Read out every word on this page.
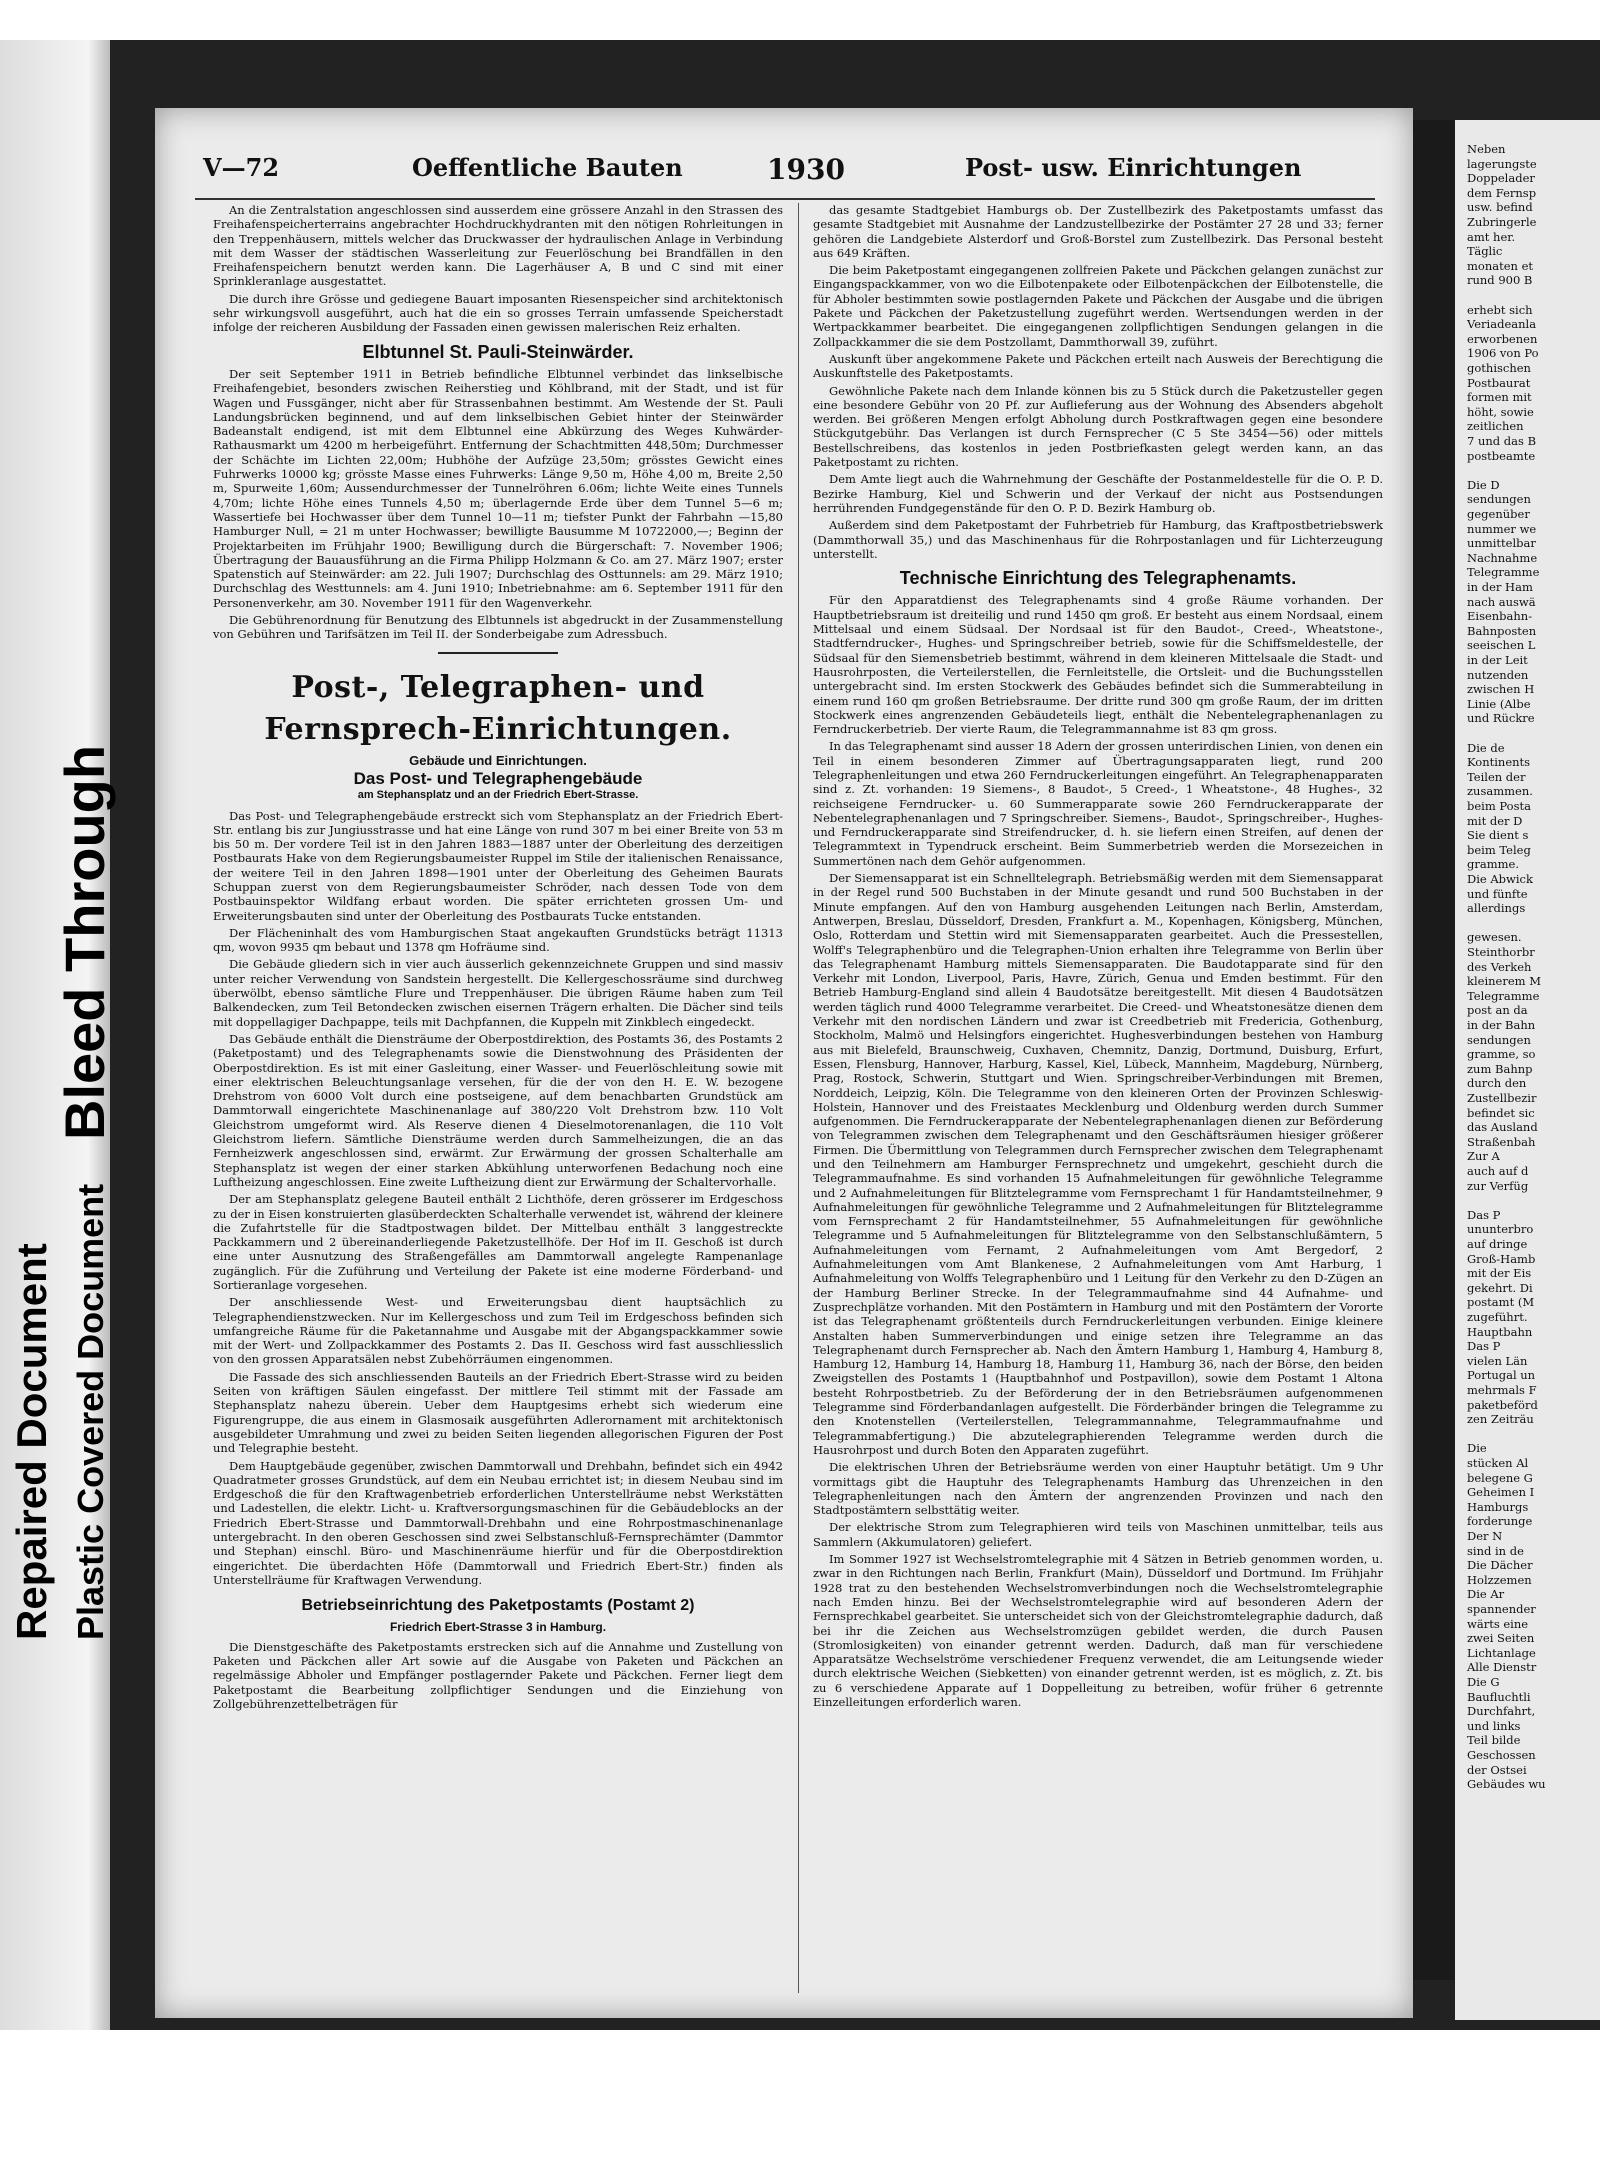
Bleed Through
Repaired Document Plastic Covered Document
V—72	Oeffentliche Bauten	1930	Post- usw. Einrichtungen

An die Zentralstation angeschlossen sind ausserdem eine grössere Anzahl in den Strassen des Freihafenspeicherterrains angebrachter Hochdruckhydranten mit den nötigen Rohrleitungen in den Treppenhäusern, mittels welcher das Druckwasser der hydraulischen Anlage in Verbindung mit dem Wasser der städtischen Wasserleitung zur Feuerlöschung bei Brandfällen in den Freihafenspeichern benutzt werden kann. Die Lagerhäuser A, B und C sind mit einer Sprinkleranlage ausgestattet.

Die durch ihre Grösse und gediegene Bauart imposanten Riesenspeicher sind architektonisch sehr wirkungsvoll ausgeführt, auch hat die ein so grosses Terrain umfassende Speicherstadt infolge der reicheren Ausbildung der Fassaden einen gewissen malerischen Reiz erhalten.

Elbtunnel St. Pauli-Steinwärder.

Der seit September 1911 in Betrieb befindliche Elbtunnel verbindet das linkselbische Freihafengebiet, besonders zwischen Reiherstieg und Köhlbrand, mit der Stadt, und ist für Wagen und Fussgänger, nicht aber für Strassenbahnen bestimmt. Am Westende der St. Pauli Landungsbrücken beginnend, und auf dem linkselbischen Gebiet hinter der Steinwärder Badeanstalt endigend, ist mit dem Elbtunnel eine Abkürzung des Weges Kuhwärder-Rathausmarkt um 4200 m herbeigeführt. Entfernung der Schachtmitten 448,50m; Durchmesser der Schächte im Lichten 22,00m; Hubhöhe der Aufzüge 23,50m; grösstes Gewicht eines Fuhrwerks 10000 kg; grösste Masse eines Fuhrwerks: Länge 9,50 m, Höhe 4,00 m, Breite 2,50 m, Spurweite 1,60m; Aussendurchmesser der Tunnelröhren 6.06m; lichte Weite eines Tunnels 4,70m; lichte Höhe eines Tunnels 4,50 m; überlagernde Erde über dem Tunnel 5—6 m; Wassertiefe bei Hochwasser über dem Tunnel 10—11 m; tiefster Punkt der Fahrbahn —15,80 Hamburger Null, = 21 m unter Hochwasser; bewilligte Bausumme M 10722000,—; Beginn der Projektarbeiten im Frühjahr 1900; Bewilligung durch die Bürgerschaft: 7. November 1906; Übertragung der Bauausführung an die Firma Philipp Holzmann & Co. am 27. März 1907; erster Spatenstich auf Steinwärder: am 22. Juli 1907; Durchschlag des Osttunnels: am 29. März 1910; Durchschlag des Westtunnels: am 4. Juni 1910; Inbetriebnahme: am 6. September 1911 für den Personenverkehr, am 30. November 1911 für den Wagenverkehr.

Die Gebührenordnung für Benutzung des Elbtunnels ist abgedruckt in der Zusammenstellung von Gebühren und Tarifsätzen im Teil II. der Sonderbeigabe zum Adressbuch.

Post-, Telegraphen- und
Fernsprech-Einrichtungen.
Gebäude und Einrichtungen.
Das Post- und Telegraphengebäude
am Stephansplatz und an der Friedrich Ebert-Strasse.

Das Post- und Telegraphengebäude erstreckt sich vom Stephansplatz an der Friedrich Ebert-Str. entlang bis zur Jungiusstrasse und hat eine Länge von rund 307 m bei einer Breite von 53 m bis 50 m. Der vordere Teil ist in den Jahren 1883—1887 unter der Oberleitung des derzeitigen Postbaurats Hake von dem Regierungsbaumeister Ruppel im Stile der italienischen Renaissance, der weitere Teil in den Jahren 1898—1901 unter der Oberleitung des Geheimen Baurats Schuppan zuerst von dem Regierungsbaumeister Schröder, nach dessen Tode von dem Postbauinspektor Wildfang erbaut worden. Die später errichteten grossen Um- und Erweiterungsbauten sind unter der Oberleitung des Postbaurats Tucke entstanden.

Der Flächeninhalt des vom Hamburgischen Staat angekauften Grundstücks beträgt 11313 qm, wovon 9935 qm bebaut und 1378 qm Hofräume sind.

Die Gebäude gliedern sich in vier auch äusserlich gekennzeichnete Gruppen und sind massiv unter reicher Verwendung von Sandstein hergestellt. Die Kellergeschossräume sind durchweg überwölbt, ebenso sämtliche Flure und Treppenhäuser. Die übrigen Räume haben zum Teil Balkendecken, zum Teil Betondecken zwischen eisernen Trägern erhalten. Die Dächer sind teils mit doppellagiger Dachpappe, teils mit Dachpfannen, die Kuppeln mit Zinkblech eingedeckt.

Das Gebäude enthält die Diensträume der Oberpostdirektion, des Postamts 36, des Postamts 2 (Paketpostamt) und des Telegraphenamts sowie die Dienstwohnung des Präsidenten der Oberpostdirektion. Es ist mit einer Gasleitung, einer Wasser- und Feuerlöschleitung sowie mit einer elektrischen Beleuchtungsanlage versehen, für die der von den H. E. W. bezogene Drehstrom von 6000 Volt durch eine postseigene, auf dem benachbarten Grundstück am Dammtorwall eingerichtete Maschinenanlage auf 380/220 Volt Drehstrom bzw. 110 Volt Gleichstrom umgeformt wird. Als Reserve dienen 4 Dieselmotorenanlagen, die 110 Volt Gleichstrom liefern. Sämtliche Diensträume werden durch Sammelheizungen, die an das Fernheizwerk angeschlossen sind, erwärmt. Zur Erwärmung der grossen Schalterhalle am Stephansplatz ist wegen der einer starken Abkühlung unterworfenen Bedachung noch eine Luftheizung angeschlossen. Eine zweite Luftheizung dient zur Erwärmung der Schaltervorhalle.

Der am Stephansplatz gelegene Bauteil enthält 2 Lichthöfe, deren grösserer im Erdgeschoss zu der in Eisen konstruierten glasüberdeckten Schalterhalle verwendet ist, während der kleinere die Zufahrtstelle für die Stadtpostwagen bildet. Der Mittelbau enthält 3 langgestreckte Packkammern und 2 übereinanderliegende Paketzustellhöfe. Der Hof im II. Geschoß ist durch eine unter Ausnutzung des Straßengefälles am Dammtorwall angelegte Rampenanlage zugänglich. Für die Zuführung und Verteilung der Pakete ist eine moderne Förderband- und Sortieranlage vorgesehen.

Der anschliessende West- und Erweiterungsbau dient hauptsächlich zu Telegraphendienstzwecken. Nur im Kellergeschoss und zum Teil im Erdgeschoss befinden sich umfangreiche Räume für die Paketannahme und Ausgabe mit der Abgangspackkammer sowie mit der Wert- und Zollpackkammer des Postamts 2. Das II. Geschoss wird fast ausschliesslich von den grossen Apparatsälen nebst Zubehörräumen eingenommen.

Die Fassade des sich anschliessenden Bauteils an der Friedrich Ebert-Strasse wird zu beiden Seiten von kräftigen Säulen eingefasst. Der mittlere Teil stimmt mit der Fassade am Stephansplatz nahezu überein. Ueber dem Hauptgesims erhebt sich wiederum eine Figurengruppe, die aus einem in Glasmosaik ausgeführten Adlerornament mit architektonisch ausgebildeter Umrahmung und zwei zu beiden Seiten liegenden allegorischen Figuren der Post und Telegraphie besteht.

Dem Hauptgebäude gegenüber, zwischen Dammtorwall und Drehbahn, befindet sich ein 4942 Quadratmeter grosses Grundstück, auf dem ein Neubau errichtet ist; in diesem Neubau sind im Erdgeschoß die für den Kraftwagenbetrieb erforderlichen Unterstellräume nebst Werkstätten und Ladestellen, die elektr. Licht- u. Kraftversorgungsmaschinen für die Gebäudeblocks an der Friedrich Ebert-Strasse und Dammtorwall-Drehbahn und eine Rohrpostmaschinenanlage untergebracht. In den oberen Geschossen sind zwei Selbstanschluß-Fernsprechämter (Dammtor und Stephan) einschl. Büro- und Maschinenräume hierfür und für die Oberpostdirektion eingerichtet. Die überdachten Höfe (Dammtorwall und Friedrich Ebert-Str.) finden als Unterstellräume für Kraftwagen Verwendung.

Betriebseinrichtung des Paketpostamts (Postamt 2)
Friedrich Ebert-Strasse 3 in Hamburg.

Die Dienstgeschäfte des Paketpostamts erstrecken sich auf die Annahme und Zustellung von Paketen und Päckchen aller Art sowie auf die Ausgabe von Paketen und Päckchen an regelmässige Abholer und Empfänger postlagernder Pakete und Päckchen. Ferner liegt dem Paketpostamt die Bearbeitung zollpflichtiger Sendungen und die Einziehung von Zollgebührenzettelbeträgen für

das gesamte Stadtgebiet Hamburgs ob. Der Zustellbezirk des Paketpostamts umfasst das gesamte Stadtgebiet mit Ausnahme der Landzustellbezirke der Postämter 27 28 und 33; ferner gehören die Landgebiete Alsterdorf und Groß-Borstel zum Zustellbezirk. Das Personal besteht aus 649 Kräften.

Die beim Paketpostamt eingegangenen zollfreien Pakete und Päckchen gelangen zunächst zur Eingangspackkammer, von wo die Eilbotenpakete oder Eilbotenpäckchen der Eilbotenstelle, die für Abholer bestimmten sowie postlagernden Pakete und Päckchen der Ausgabe und die übrigen Pakete und Päckchen der Paketzustellung zugeführt werden. Wertsendungen werden in der Wertpackkammer bearbeitet. Die eingegangenen zollpflichtigen Sendungen gelangen in die Zollpackkammer die sie dem Postzollamt, Dammthorwall 39, zuführt.

Auskunft über angekommene Pakete und Päckchen erteilt nach Ausweis der Berechtigung die Auskunftstelle des Paketpostamts.

Gewöhnliche Pakete nach dem Inlande können bis zu 5 Stück durch die Paketzusteller gegen eine besondere Gebühr von 20 Pf. zur Auflieferung aus der Wohnung des Absenders abgeholt werden. Bei größeren Mengen erfolgt Abholung durch Postkraftwagen gegen eine besondere Stückgutgebühr. Das Verlangen ist durch Fernsprecher (C 5 Ste 3454—56) oder mittels Bestellschreibens, das kostenlos in jeden Postbriefkasten gelegt werden kann, an das Paketpostamt zu richten.

Dem Amte liegt auch die Wahrnehmung der Geschäfte der Postanmeldestelle für die O. P. D. Bezirke Hamburg, Kiel und Schwerin und der Verkauf der nicht aus Postsendungen herrührenden Fundgegenstände für den O. P. D. Bezirk Hamburg ob.

Außerdem sind dem Paketpostamt der Fuhrbetrieb für Hamburg, das Kraftpostbetriebswerk (Dammthorwall 35,) und das Maschinenhaus für die Rohrpostanlagen und für Lichterzeugung unterstellt.

Technische Einrichtung des Telegraphenamts.

Für den Apparatdienst des Telegraphenamts sind 4 große Räume vorhanden. Der Hauptbetriebsraum ist dreiteilig und rund 1450 qm groß. Er besteht aus einem Nordsaal, einem Mittelsaal und einem Südsaal. Der Nordsaal ist für den Baudot-, Creed-, Wheatstone-, Stadtferndrucker-, Hughes- und Springschreiber betrieb, sowie für die Schiffsmeldestelle, der Südsaal für den Siemensbetrieb bestimmt, während in dem kleineren Mittelsaale die Stadt- und Hausrohrposten, die Verteilerstellen, die Fernleitstelle, die Ortsleit- und die Buchungsstellen untergebracht sind. Im ersten Stockwerk des Gebäudes befindet sich die Summerabteilung in einem rund 160 qm großen Betriebsraume. Der dritte rund 300 qm große Raum, der im dritten Stockwerk eines angrenzenden Gebäudeteils liegt, enthält die Nebentelegraphenanlagen zu Ferndruckerbetrieb. Der vierte Raum, die Telegrammannahme ist 83 qm gross.

In das Telegraphenamt sind ausser 18 Adern der grossen unterirdischen Linien, von denen ein Teil in einem besonderen Zimmer auf Übertragungsapparaten liegt, rund 200 Telegraphenleitungen und etwa 260 Ferndruckerleitungen eingeführt. An Telegraphenapparaten sind z. Zt. vorhanden: 19 Siemens-, 8 Baudot-, 5 Creed-, 1 Wheatstone-, 48 Hughes-, 32 reichseigene Ferndrucker- u. 60 Summerapparate sowie 260 Ferndruckerapparate der Nebentelegraphenanlagen und 7 Springschreiber. Siemens-, Baudot-, Springschreiber-, Hughes- und Ferndruckerapparate sind Streifendrucker, d. h. sie liefern einen Streifen, auf denen der Telegrammtext in Typendruck erscheint. Beim Summerbetrieb werden die Morsezeichen in Summertönen nach dem Gehör aufgenommen.

Der Siemensapparat ist ein Schnelltelegraph. Betriebsmäßig werden mit dem Siemensapparat in der Regel rund 500 Buchstaben in der Minute gesandt und rund 500 Buchstaben in der Minute empfangen. Auf den von Hamburg ausgehenden Leitungen nach Berlin, Amsterdam, Antwerpen, Breslau, Düsseldorf, Dresden, Frankfurt a. M., Kopenhagen, Königsberg, München, Oslo, Rotterdam und Stettin wird mit Siemensapparaten gearbeitet. Auch die Pressestellen, Wolff's Telegraphenbüro und die Telegraphen-Union erhalten ihre Telegramme von Berlin über das Telegraphenamt Hamburg mittels Siemensapparaten. Die Baudotapparate sind für den Verkehr mit London, Liverpool, Paris, Havre, Zürich, Genua und Emden bestimmt. Für den Betrieb Hamburg-England sind allein 4 Baudotsätze bereitgestellt. Mit diesen 4 Baudotsätzen werden täglich rund 4000 Telegramme verarbeitet. Die Creed- und Wheatstonesätze dienen dem Verkehr mit den nordischen Ländern und zwar ist Creedbetrieb mit Fredericia, Gothenburg, Stockholm, Malmö und Helsingfors eingerichtet. Hughesverbindungen bestehen von Hamburg aus mit Bielefeld, Braunschweig, Cuxhaven, Chemnitz, Danzig, Dortmund, Duisburg, Erfurt, Essen, Flensburg, Hannover, Harburg, Kassel, Kiel, Lübeck, Mannheim, Magdeburg, Nürnberg, Prag, Rostock, Schwerin, Stuttgart und Wien. Springschreiber-Verbindungen mit Bremen, Norddeich, Leipzig, Köln. Die Telegramme von den kleineren Orten der Provinzen Schleswig-Holstein, Hannover und des Freistaates Mecklenburg und Oldenburg werden durch Summer aufgenommen. Die Ferndruckerapparate der Nebentelegraphenanlagen dienen zur Beförderung von Telegrammen zwischen dem Telegraphenamt und den Geschäftsräumen hiesiger größerer Firmen. Die Übermittlung von Telegrammen durch Fernsprecher zwischen dem Telegraphenamt und den Teilnehmern am Hamburger Fernsprechnetz und umgekehrt, geschieht durch die Telegrammaufnahme. Es sind vorhanden 15 Aufnahmeleitungen für gewöhnliche Telegramme und 2 Aufnahmeleitungen für Blitztelegramme vom Fernsprechamt 1 für Handamtsteilnehmer, 9 Aufnahmeleitungen für gewöhnliche Telegramme und 2 Aufnahmeleitungen für Blitztelegramme vom Fernsprechamt 2 für Handamtsteilnehmer, 55 Aufnahmeleitungen für gewöhnliche Telegramme und 5 Aufnahmeleitungen für Blitztelegramme von den Selbstanschlußämtern, 5 Aufnahmeleitungen vom Fernamt, 2 Aufnahmeleitungen vom Amt Bergedorf, 2 Aufnahmeleitungen vom Amt Blankenese, 2 Aufnahmeleitungen vom Amt Harburg, 1 Aufnahmeleitung von Wolffs Telegraphenbüro und 1 Leitung für den Verkehr zu den D-Zügen an der Hamburg Berliner Strecke. In der Telegrammaufnahme sind 44 Aufnahme- und Zusprechplätze vorhanden. Mit den Postämtern in Hamburg und mit den Postämtern der Vororte ist das Telegraphenamt größtenteils durch Ferndruckerleitungen verbunden. Einige kleinere Anstalten haben Summerverbindungen und einige setzen ihre Telegramme an das Telegraphenamt durch Fernsprecher ab. Nach den Ämtern Hamburg 1, Hamburg 4, Hamburg 8, Hamburg 12, Hamburg 14, Hamburg 18, Hamburg 11, Hamburg 36, nach der Börse, den beiden Zweigstellen des Postamts 1 (Hauptbahnhof und Postpavillon), sowie dem Postamt 1 Altona besteht Rohrpostbetrieb. Zu der Beförderung der in den Betriebsräumen aufgenommenen Telegramme sind Förderbandanlagen aufgestellt. Die Förderbänder bringen die Telegramme zu den Knotenstellen (Verteilerstellen, Telegrammannahme, Telegrammaufnahme und Telegrammabfertigung.) Die abzutelegraphierenden Telegramme werden durch die Hausrohrpost und durch Boten den Apparaten zugeführt.

Die elektrischen Uhren der Betriebsräume werden von einer Hauptuhr betätigt. Um 9 Uhr vormittags gibt die Hauptuhr des Telegraphenamts Hamburg das Uhrenzeichen in den Telegraphenleitungen nach den Ämtern der angrenzenden Provinzen und nach den Stadtpostämtern selbsttätig weiter.

Der elektrische Strom zum Telegraphieren wird teils von Maschinen unmittelbar, teils aus Sammlern (Akkumulatoren) geliefert.

Im Sommer 1927 ist Wechselstromtelegraphie mit 4 Sätzen in Betrieb genommen worden, u. zwar in den Richtungen nach Berlin, Frankfurt (Main), Düsseldorf und Dortmund. Im Frühjahr 1928 trat zu den bestehenden Wechselstromverbindungen noch die Wechselstromtelegraphie nach Emden hinzu. Bei der Wechselstromtelegraphie wird auf besonderen Adern der Fernsprechkabel gearbeitet. Sie unterscheidet sich von der Gleichstromtelegraphie dadurch, daß bei ihr die Zeichen aus Wechselstromzügen gebildet werden, die durch Pausen (Stromlosigkeiten) von einander getrennt werden. Dadurch, daß man für verschiedene Apparatsätze Wechselströme verschiedener Frequenz verwendet, die am Leitungsende wieder durch elektrische Weichen (Siebketten) von einander getrennt werden, ist es möglich, z. Zt. bis zu 6 verschiedene Apparate auf 1 Doppelleitung zu betreiben, wofür früher 6 getrennte Einzelleitungen erforderlich waren.

Neben
lagerungste
Doppelader
dem Fernsp
usw. befind
Zubringerle
amt her.
Täglic
monaten et
rund 900 B
erhebt sich
Veriadeanla
erworbenen
1906 von Po
gothischen
Postbaurat
formen mit
höht, sowie
zeitlichen
7 und das B
postbeamte
Die D
sendungen
gegenüber
nummer we
unmittelbar
Nachnahme
Telegramme
in der Ham
nach auswä
Eisenbahn-
Bahnposten
seeischen L
in der Leit
nutzenden
zwischen H
Linie (Albe
und Rückre
Die de
Kontinents
Teilen der
zusammen.
beim Posta
mit der D
Sie dient s
beim Teleg
gramme.
Die Abwick
und fünfte
allerdings
gewesen.
Steinthorbr
des Verkeh
kleinerem M
Telegramme
post an da
in der Bahn
sendungen
gramme, so
zum Bahnp
durch den
Zustellbezir
befindet sic
das Ausland
Straßenbah
Zur A
auch auf d
zur Verfüg
Das P
ununterbro
auf dringe
Groß-Hamb
mit der Eis
gekehrt. Di
postamt (M
zugeführt.
Hauptbahn
Das P
vielen Län
Portugal un
mehrmals F
paketbeförd
zen Zeiträu
Die
stücken Al
belegene G
Geheimen I
Hamburgs
forderunge
Der N
sind in de
Die Dächer
Holzzemen
Die Ar
spannender
wärts eine
zwei Seiten
Lichtanlage
Alle Dienstr
Die G
Baufluchtli
Durchfahrt,
und links
Teil bilde
Geschossen
der Ostsei
Gebäudes wu
